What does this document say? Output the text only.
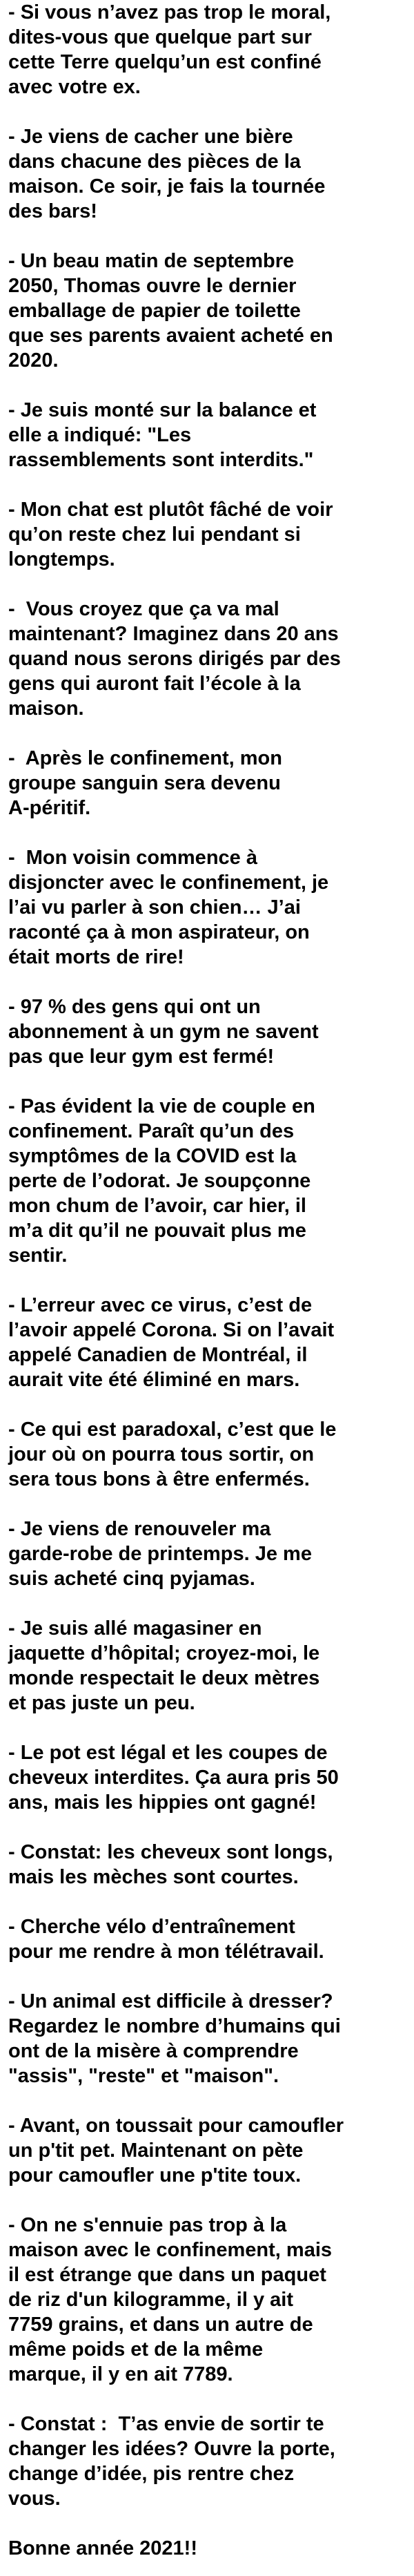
- Si vous n’avez pas trop le moral,
dites-vous que quelque part sur
cette Terre quelqu’un est confiné
avec votre ex.
- Je viens de cacher une bière
dans chacune des pièces de la
maison. Ce soir, je fais la tournée
des bars!
- Un beau matin de septembre
2050, Thomas ouvre le dernier
emballage de papier de toilette
que ses parents avaient acheté en
2020.
- Je suis monté sur la balance et
elle a indiqué: "Les
rassemblements sont interdits."
- Mon chat est plutôt fâché de voir
qu’on reste chez lui pendant si
longtemps.
-  Vous croyez que ça va mal
maintenant? Imaginez dans 20 ans
quand nous serons dirigés par des
gens qui auront fait l’école à la
maison.
-  Après le confinement, mon
groupe sanguin sera devenu
A-péritif.
-  Mon voisin commence à
disjoncter avec le confinement, je
l’ai vu parler à son chien… J’ai
raconté ça à mon aspirateur, on
était morts de rire!
- 97 % des gens qui ont un
abonnement à un gym ne savent
pas que leur gym est fermé!
- Pas évident la vie de couple en
confinement. Paraît qu’un des
symptômes de la COVID est la
perte de l’odorat. Je soupçonne
mon chum de l’avoir, car hier, il
m’a dit qu’il ne pouvait plus me
sentir.
- L’erreur avec ce virus, c’est de
l’avoir appelé Corona. Si on l’avait
appelé Canadien de Montréal, il
aurait vite été éliminé en mars.
- Ce qui est paradoxal, c’est que le
jour où on pourra tous sortir, on
sera tous bons à être enfermés.
- Je viens de renouveler ma
garde-robe de printemps. Je me
suis acheté cinq pyjamas.
- Je suis allé magasiner en
jaquette d’hôpital; croyez-moi, le
monde respectait le deux mètres
et pas juste un peu.
- Le pot est légal et les coupes de
cheveux interdites. Ça aura pris 50
ans, mais les hippies ont gagné!
- Constat: les cheveux sont longs,
mais les mèches sont courtes.
- Cherche vélo d’entraînement
pour me rendre à mon télétravail.
- Un animal est difficile à dresser?
Regardez le nombre d’humains qui
ont de la misère à comprendre
"assis", "reste" et "maison".
- Avant, on toussait pour camoufler
un p'tit pet. Maintenant on pète
pour camoufler une p'tite toux.
- On ne s'ennuie pas trop à la
maison avec le confinement, mais
il est étrange que dans un paquet
de riz d'un kilogramme, il y ait
7759 grains, et dans un autre de
même poids et de la même
marque, il y en ait 7789.
- Constat :  T’as envie de sortir te
changer les idées? Ouvre la porte,
change d’idée, pis rentre chez
vous.
Bonne année 2021!!
